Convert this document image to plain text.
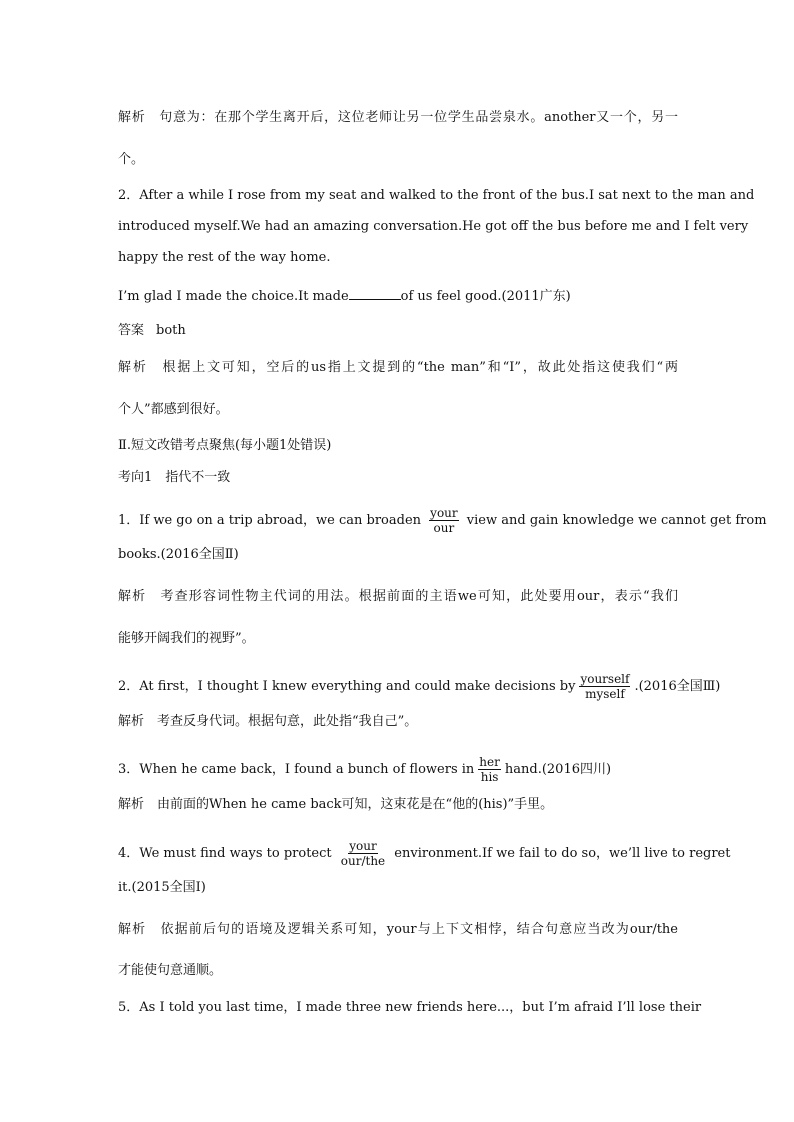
解析　句意为：在那个学生离开后，这位老师让另一位学生品尝泉水。another又一个，另一
个。
2．After a while I rose from my seat and walked to the front of the bus.I sat next to the man and
introduced myself.We had an amazing conversation.He got off the bus before me and I felt very
happy the rest of the way home.
I’m glad I made the choice.It made	of us feel good.(2011广东)
答案 both
解析　根据上文可知，空后的us指上文提到的“the man”和“I”，故此处指这使我们“两
个人”都感到很好。
Ⅱ.短文改错考点聚焦(每小题1处错误)
考向1　指代不一致
1．If we go on a trip abroad，we can broaden $\frac{\text{your}}{\text{our}}$ view and gain knowledge we cannot get from
books.(2016全国Ⅱ)
解析　考查形容词性物主代词的用法。根据前面的主语we可知，此处要用our，表示“我们
能够开阔我们的视野”。
2．At first，I thought I knew everything and could make decisions by $\frac{\text{yourself}}{\text{myself}} .(2016$全国Ⅲ)
解析　考查反身代词。根据句意，此处指“我自己”。
3．When he came back，I found a bunch of flowers in $\frac{\text{her}}{\text{his}}$ hand.(2016四川)
解析　由前面的When he came back可知，这束花是在“他的(his)”手里。
4．We must find ways to protect $\frac{\text{your}}{\text{our/the}}$ environment.If we fail to do so，we’ll live to regret
it.(2015全国Ⅰ)
解析　依据前后句的语境及逻辑关系可知，your与上下文相悖，结合句意应当改为our/the
才能使句意通顺。
5．As I told you last time，I made three new friends here...，but I’m afraid I’ll lose their
